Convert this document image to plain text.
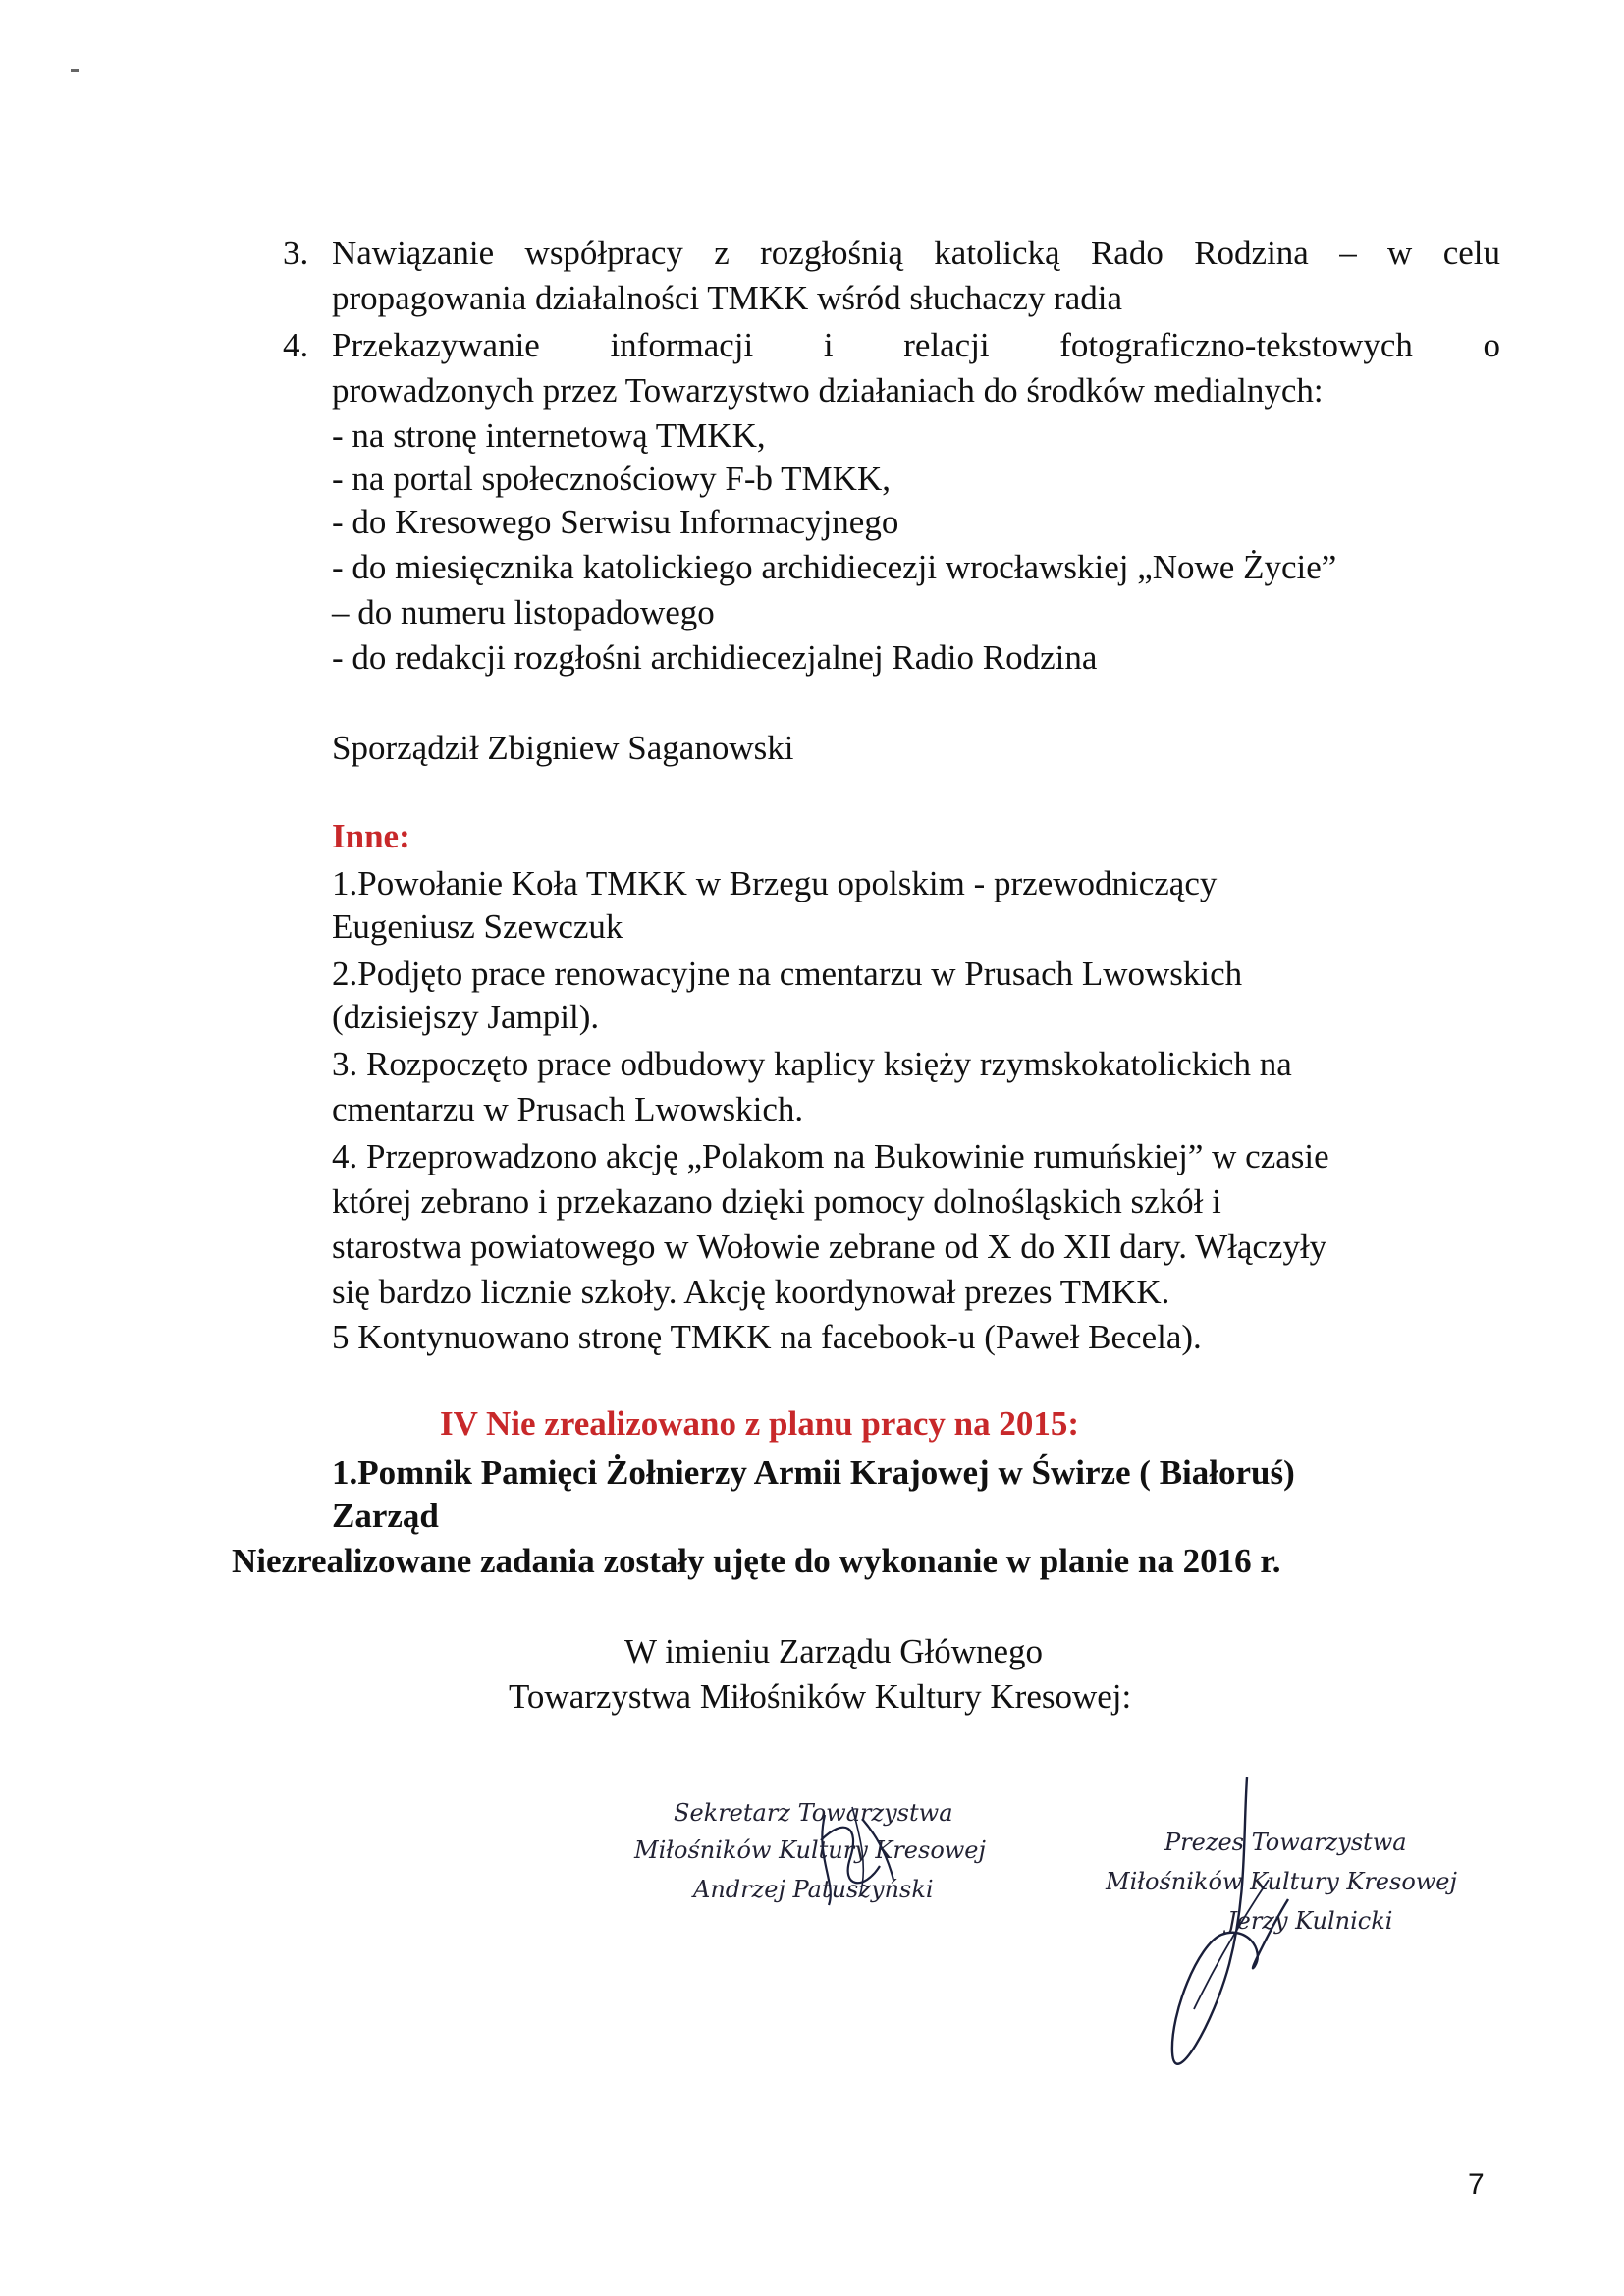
3. Nawiązanie współpracy z rozgłośnią katolicką Rado Rodzina – w celu
propagowania działalności TMKK wśród słuchaczy radia
4. Przekazywanie informacji i relacji fotograficzno-tekstowych o
prowadzonych przez Towarzystwo działaniach do środków medialnych:
- na stronę internetową TMKK,
- na portal społecznościowy F-b TMKK,
- do Kresowego Serwisu Informacyjnego
- do miesięcznika katolickiego archidiecezji wrocławskiej „Nowe Życie”
– do numeru listopadowego
- do redakcji rozgłośni archidiecezjalnej Radio Rodzina
Sporządził Zbigniew Saganowski
Inne:
1.Powołanie Koła TMKK w Brzegu opolskim - przewodniczący
Eugeniusz Szewczuk
2.Podjęto prace renowacyjne na cmentarzu w Prusach Lwowskich
(dzisiejszy Jampil).
3. Rozpoczęto prace odbudowy kaplicy księży rzymskokatolickich na
cmentarzu w Prusach Lwowskich.
4. Przeprowadzono akcję „Polakom na Bukowinie rumuńskiej” w czasie
której zebrano i przekazano dzięki pomocy dolnośląskich szkół i
starostwa powiatowego w Wołowie zebrane od X do XII dary. Włączyły
się bardzo licznie szkoły. Akcję koordynował prezes TMKK.
5 Kontynuowano stronę TMKK na facebook-u (Paweł Becela).
IV Nie zrealizowano z planu pracy na 2015:
1.Pomnik Pamięci Żołnierzy Armii Krajowej w Świrze ( Białoruś)
Zarząd
Niezrealizowane zadania zostały ujęte do wykonanie w planie na 2016 r.
W imieniu Zarządu Głównego
Towarzystwa Miłośników Kultury Kresowej:
Sekretarz Towarzystwa
Miłośników Kultury Kresowej
Andrzej Patuszyński
Prezes Towarzystwa
Miłośników Kultury Kresowej
Jerzy Kulnicki
7
